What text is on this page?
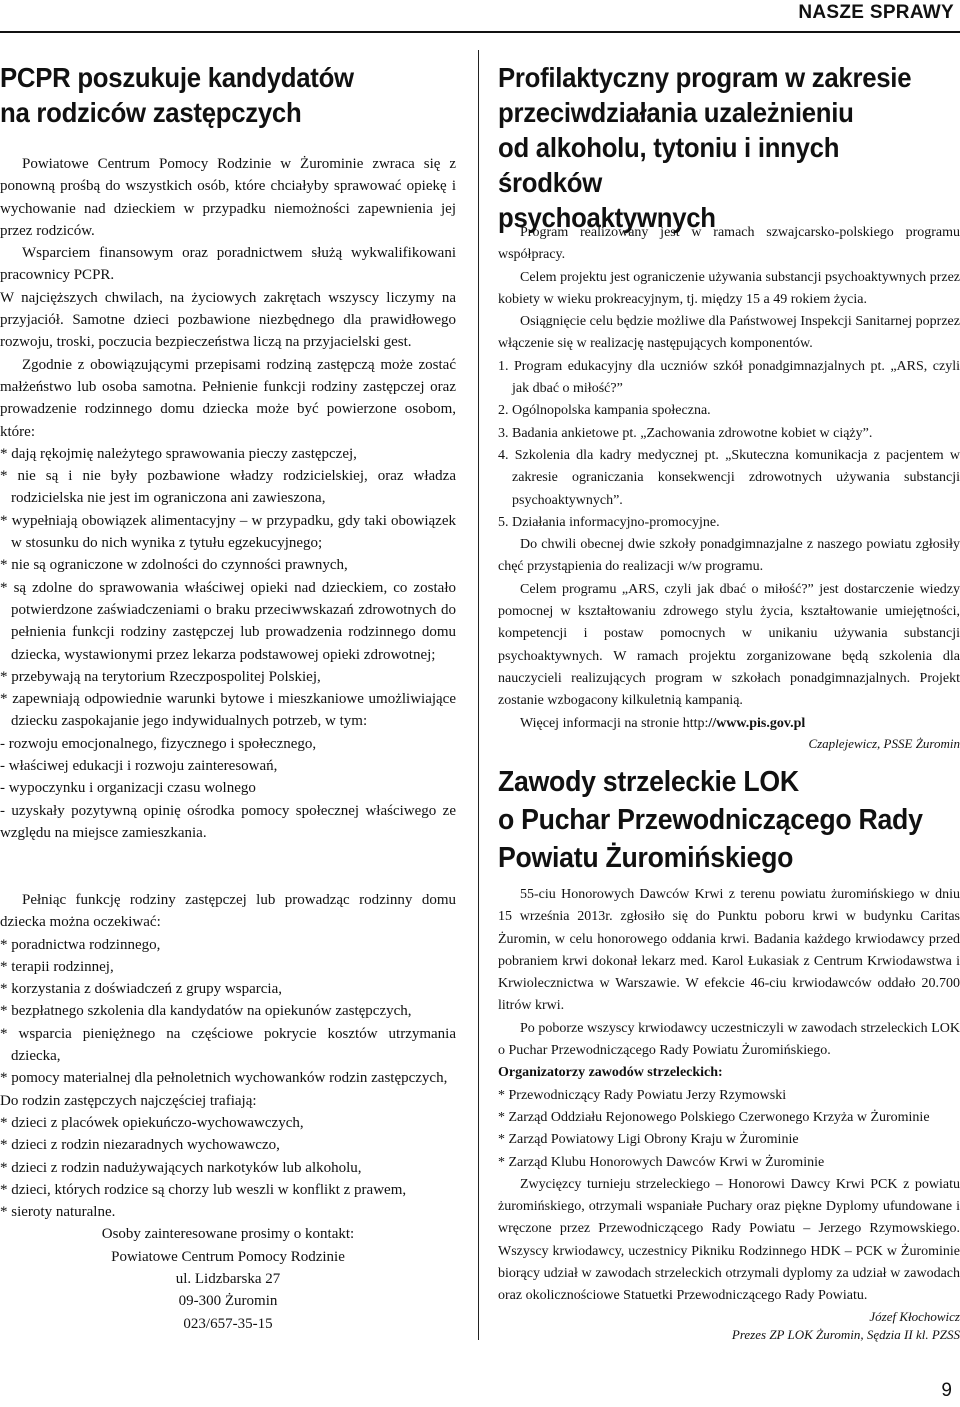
NASZE SPRAWY
PCPR poszukuje kandydatów
na rodziców zastępczych

Powiatowe Centrum Pomocy Rodzinie w Żurominie zwraca się z ponowną prośbą do wszystkich osób, które chciałyby sprawować opiekę i wychowanie nad dzieckiem w przypadku niemożności zapewnienia jej przez rodziców.

Wsparciem finansowym oraz poradnictwem służą wykwalifikowani pracownicy PCPR.

W najcięższych chwilach, na życiowych zakrętach wszyscy liczymy na przyjaciół. Samotne dzieci pozbawione niezbędnego dla prawidłowego rozwoju, troski, poczucia bezpieczeństwa liczą na przyjacielski gest.

Zgodnie z obowiązującymi przepisami rodziną zastępczą może zostać małżeństwo lub osoba samotna. Pełnienie funkcji rodziny zastępczej oraz prowadzenie rodzinnego domu dziecka może być powierzone osobom, które:

* dają rękojmię należytego sprawowania pieczy zastępczej,

* nie są i nie były pozbawione władzy rodzicielskiej, oraz władza rodzicielska nie jest im ograniczona ani zawieszona,

* wypełniają obowiązek alimentacyjny – w przypadku, gdy taki obowiązek w stosunku do nich wynika z tytułu egzekucyjnego;

* nie są ograniczone w zdolności do czynności prawnych,

* są zdolne do sprawowania właściwej opieki nad dzieckiem, co zostało potwierdzone zaświadczeniami o braku przeciwwskazań zdrowotnych do pełnienia funkcji rodziny zastępczej lub prowadzenia rodzinnego domu dziecka, wystawionymi przez lekarza podstawowej opieki zdrowotnej;

* przebywają na terytorium Rzeczpospolitej Polskiej,

* zapewniają odpowiednie warunki bytowe i mieszkaniowe umożliwiające dziecku zaspokajanie jego indywidualnych potrzeb, w tym:

- rozwoju emocjonalnego, fizycznego i społecznego,

- właściwej edukacji i rozwoju zainteresowań,

- wypoczynku i organizacji czasu wolnego

- uzyskały pozytywną opinię ośrodka pomocy społecznej właściwego ze względu na miejsce zamieszkania.

Pełniąc funkcję rodziny zastępczej lub prowadząc rodzinny domu dziecka można oczekiwać:

* poradnictwa rodzinnego,

* terapii rodzinnej,

* korzystania z doświadczeń z grupy wsparcia,

* bezpłatnego szkolenia dla kandydatów na opiekunów zastępczych,

* wsparcia pieniężnego na częściowe pokrycie kosztów utrzymania dziecka,

* pomocy materialnej dla pełnoletnich wychowanków rodzin zastępczych,

Do rodzin zastępczych najczęściej trafiają:

* dzieci z placówek opiekuńczo-wychowawczych,

* dzieci z rodzin niezaradnych wychowawczo,

* dzieci z rodzin nadużywających narkotyków lub alkoholu,

* dzieci, których rodzice są chorzy lub weszli w konflikt z prawem,

* sieroty naturalne.

Osoby zainteresowane prosimy o kontakt:

Powiatowe Centrum Pomocy Rodzinie

ul. Lidzbarska 27

09-300 Żuromin

023/657-35-15

Profilaktyczny program w zakresie
przeciwdziałania uzależnieniu
od alkoholu, tytoniu i innych środków
psychoaktywnych

Program realizowany jest w ramach szwajcarsko-polskiego programu współpracy.

Celem projektu jest ograniczenie używania substancji psychoaktywnych przez kobiety w wieku prokreacyjnym, tj. między 15 a 49 rokiem życia.

Osiągnięcie celu będzie możliwe dla Państwowej Inspekcji Sanitarnej poprzez włączenie się w realizację następujących komponentów.

1. Program edukacyjny dla uczniów szkół ponadgimnazjalnych pt. „ARS, czyli jak dbać o miłość?”

2. Ogólnopolska kampania społeczna.

3. Badania ankietowe pt. „Zachowania zdrowotne kobiet w ciąży”.

4. Szkolenia dla kadry medycznej pt. „Skuteczna komunikacja z pacjentem w zakresie ograniczania konsekwencji zdrowotnych używania substancji psychoaktywnych”.

5. Działania informacyjno-promocyjne.

Do chwili obecnej dwie szkoły ponadgimnazjalne z naszego powiatu zgłosiły chęć przystąpienia do realizacji w/w programu.

Celem programu „ARS, czyli jak dbać o miłość?” jest dostarczenie wiedzy pomocnej w kształtowaniu zdrowego stylu życia, kształtowanie umiejętności, kompetencji i postaw pomocnych w unikaniu używania substancji psychoaktywnych. W ramach projektu zorganizowane będą szkolenia dla nauczycieli realizujących program w szkołach ponadgimnazjalnych. Projekt zostanie wzbogacony kilkuletnią kampanią.

Więcej informacji na stronie http://www.pis.gov.pl

Czaplejewicz, PSSE Żuromin

Zawody strzeleckie LOK
o Puchar Przewodniczącego Rady
Powiatu Żuromińskiego

55-ciu Honorowych Dawców Krwi z terenu powiatu żuromińskiego w dniu 15 września 2013r. zgłosiło się do Punktu poboru krwi w budynku Caritas Żuromin, w celu honorowego oddania krwi. Badania każdego krwiodawcy przed pobraniem krwi dokonał lekarz med. Karol Łukasiak z Centrum Krwiodawstwa i Krwiolecznictwa w Warszawie. W efekcie 46-ciu krwiodawców oddało 20.700 litrów krwi.

Po poborze wszyscy krwiodawcy uczestniczyli w zawodach strzeleckich LOK o Puchar Przewodniczącego Rady Powiatu Żuromińskiego.

Organizatorzy zawodów strzeleckich:

* Przewodniczący Rady Powiatu Jerzy Rzymowski

* Zarząd Oddziału Rejonowego Polskiego Czerwonego Krzyża w Żurominie

* Zarząd Powiatowy Ligi Obrony Kraju w Żurominie

* Zarząd Klubu Honorowych Dawców Krwi w Żurominie

Zwycięzcy turnieju strzeleckiego – Honorowi Dawcy Krwi PCK z powiatu żuromińskiego, otrzymali wspaniałe Puchary oraz piękne Dyplomy ufundowane i wręczone przez Przewodniczącego Rady Powiatu – Jerzego Rzymowskiego. Wszyscy krwiodawcy, uczestnicy Pikniku Rodzinnego HDK – PCK w Żurominie biorący udział w zawodach strzeleckich otrzymali dyplomy za udział w zawodach oraz okolicznościowe Statuetki Przewodniczącego Rady Powiatu.

Józef Kłochowicz

Prezes ZP LOK Żuromin, Sędzia II kl. PZSS

9
